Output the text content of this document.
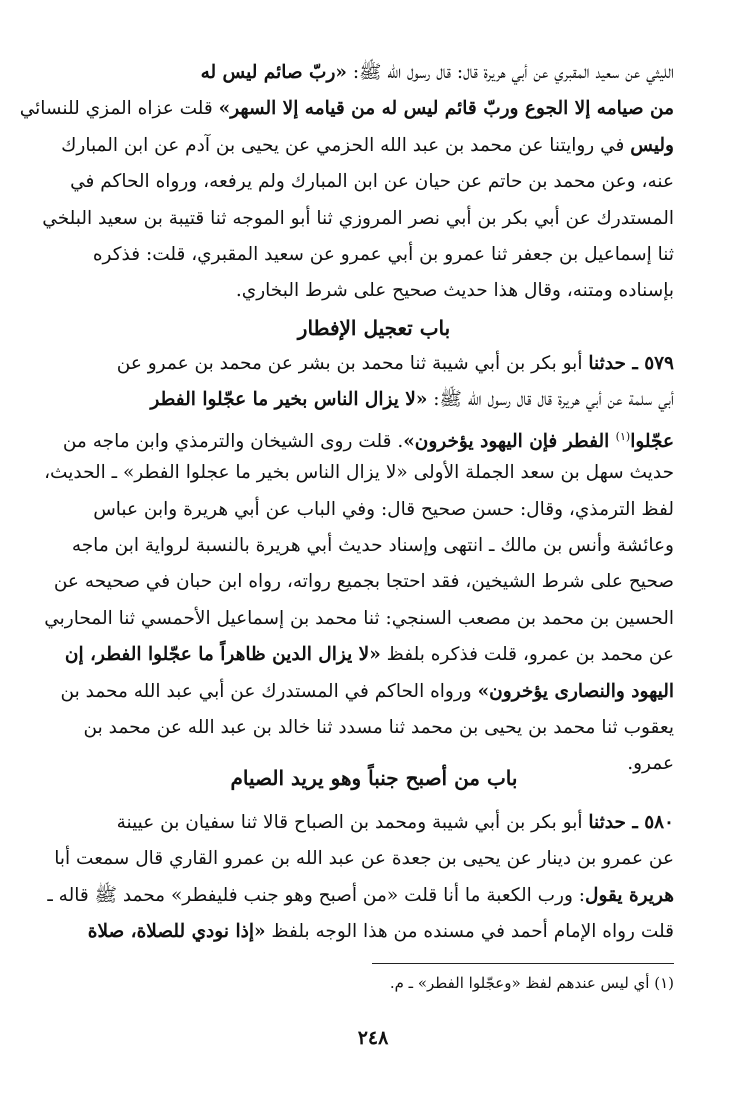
الليثي عن سعيد المقبري عن أبي هريرة قال: قال رسول الله ﷺ: «ربّ صائم ليس له
من صيامه إلا الجوع وربّ قائم ليس له من قيامه إلا السهر» قلت عزاه المزي للنسائي
وليس في روايتنا عن محمد بن عبد الله الحزمي عن يحيى بن آدم عن ابن المبارك
عنه، وعن محمد بن حاتم عن حيان عن ابن المبارك ولم يرفعه، ورواه الحاكم في
المستدرك عن أبي بكر بن أبي نصر المروزي ثنا أبو الموجه ثنا قتيبة بن سعيد البلخي
ثنا إسماعيل بن جعفر ثنا عمرو بن أبي عمرو عن سعيد المقبري، قلت: فذكره
بإسناده ومتنه، وقال هذا حديث صحيح على شرط البخاري.
باب تعجيل الإفطار
٥٧٩ ـ حدثنا أبو بكر بن أبي شيبة ثنا محمد بن بشر عن محمد بن عمرو عن
أبي سلمة عن أبي هريرة قال قال رسول الله ﷺ: «لا يزال الناس بخير ما عجّلوا الفطر
عجّلوا$^{(١)}$ الفطر فإن اليهود يؤخرون». قلت روى الشيخان والترمذي وابن ماجه من
حديث سهل بن سعد الجملة الأولى «لا يزال الناس بخير ما عجلوا الفطر» ـ الحديث،
لفظ الترمذي، وقال: حسن صحيح قال: وفي الباب عن أبي هريرة وابن عباس
وعائشة وأنس بن مالك ـ انتهى وإسناد حديث أبي هريرة بالنسبة لرواية ابن ماجه
صحيح على شرط الشيخين، فقد احتجا بجميع رواته، رواه ابن حبان في صحيحه عن
الحسين بن محمد بن مصعب السنجي: ثنا محمد بن إسماعيل الأحمسي ثنا المحاربي
عن محمد بن عمرو، قلت فذكره بلفظ «لا يزال الدين ظاهراً ما عجّلوا الفطر، إن
اليهود والنصارى يؤخرون» ورواه الحاكم في المستدرك عن أبي عبد الله محمد بن
يعقوب ثنا محمد بن يحيى بن محمد ثنا مسدد ثنا خالد بن عبد الله عن محمد بن
عمرو.
باب من أصبح جنباً وهو يريد الصيام
٥٨٠ ـ حدثنا أبو بكر بن أبي شيبة ومحمد بن الصباح قالا ثنا سفيان بن عيينة
عن عمرو بن دينار عن يحيى بن جعدة عن عبد الله بن عمرو القاري قال سمعت أبا
هريرة يقول: ورب الكعبة ما أنا قلت «من أصبح وهو جنب فليفطر» محمد ﷺ قاله ـ
قلت رواه الإمام أحمد في مسنده من هذا الوجه بلفظ «إذا نودي للصلاة، صلاة
(١) أي ليس عندهم لفظ «وعجّلوا الفطر» ـ م.
٢٤٨
